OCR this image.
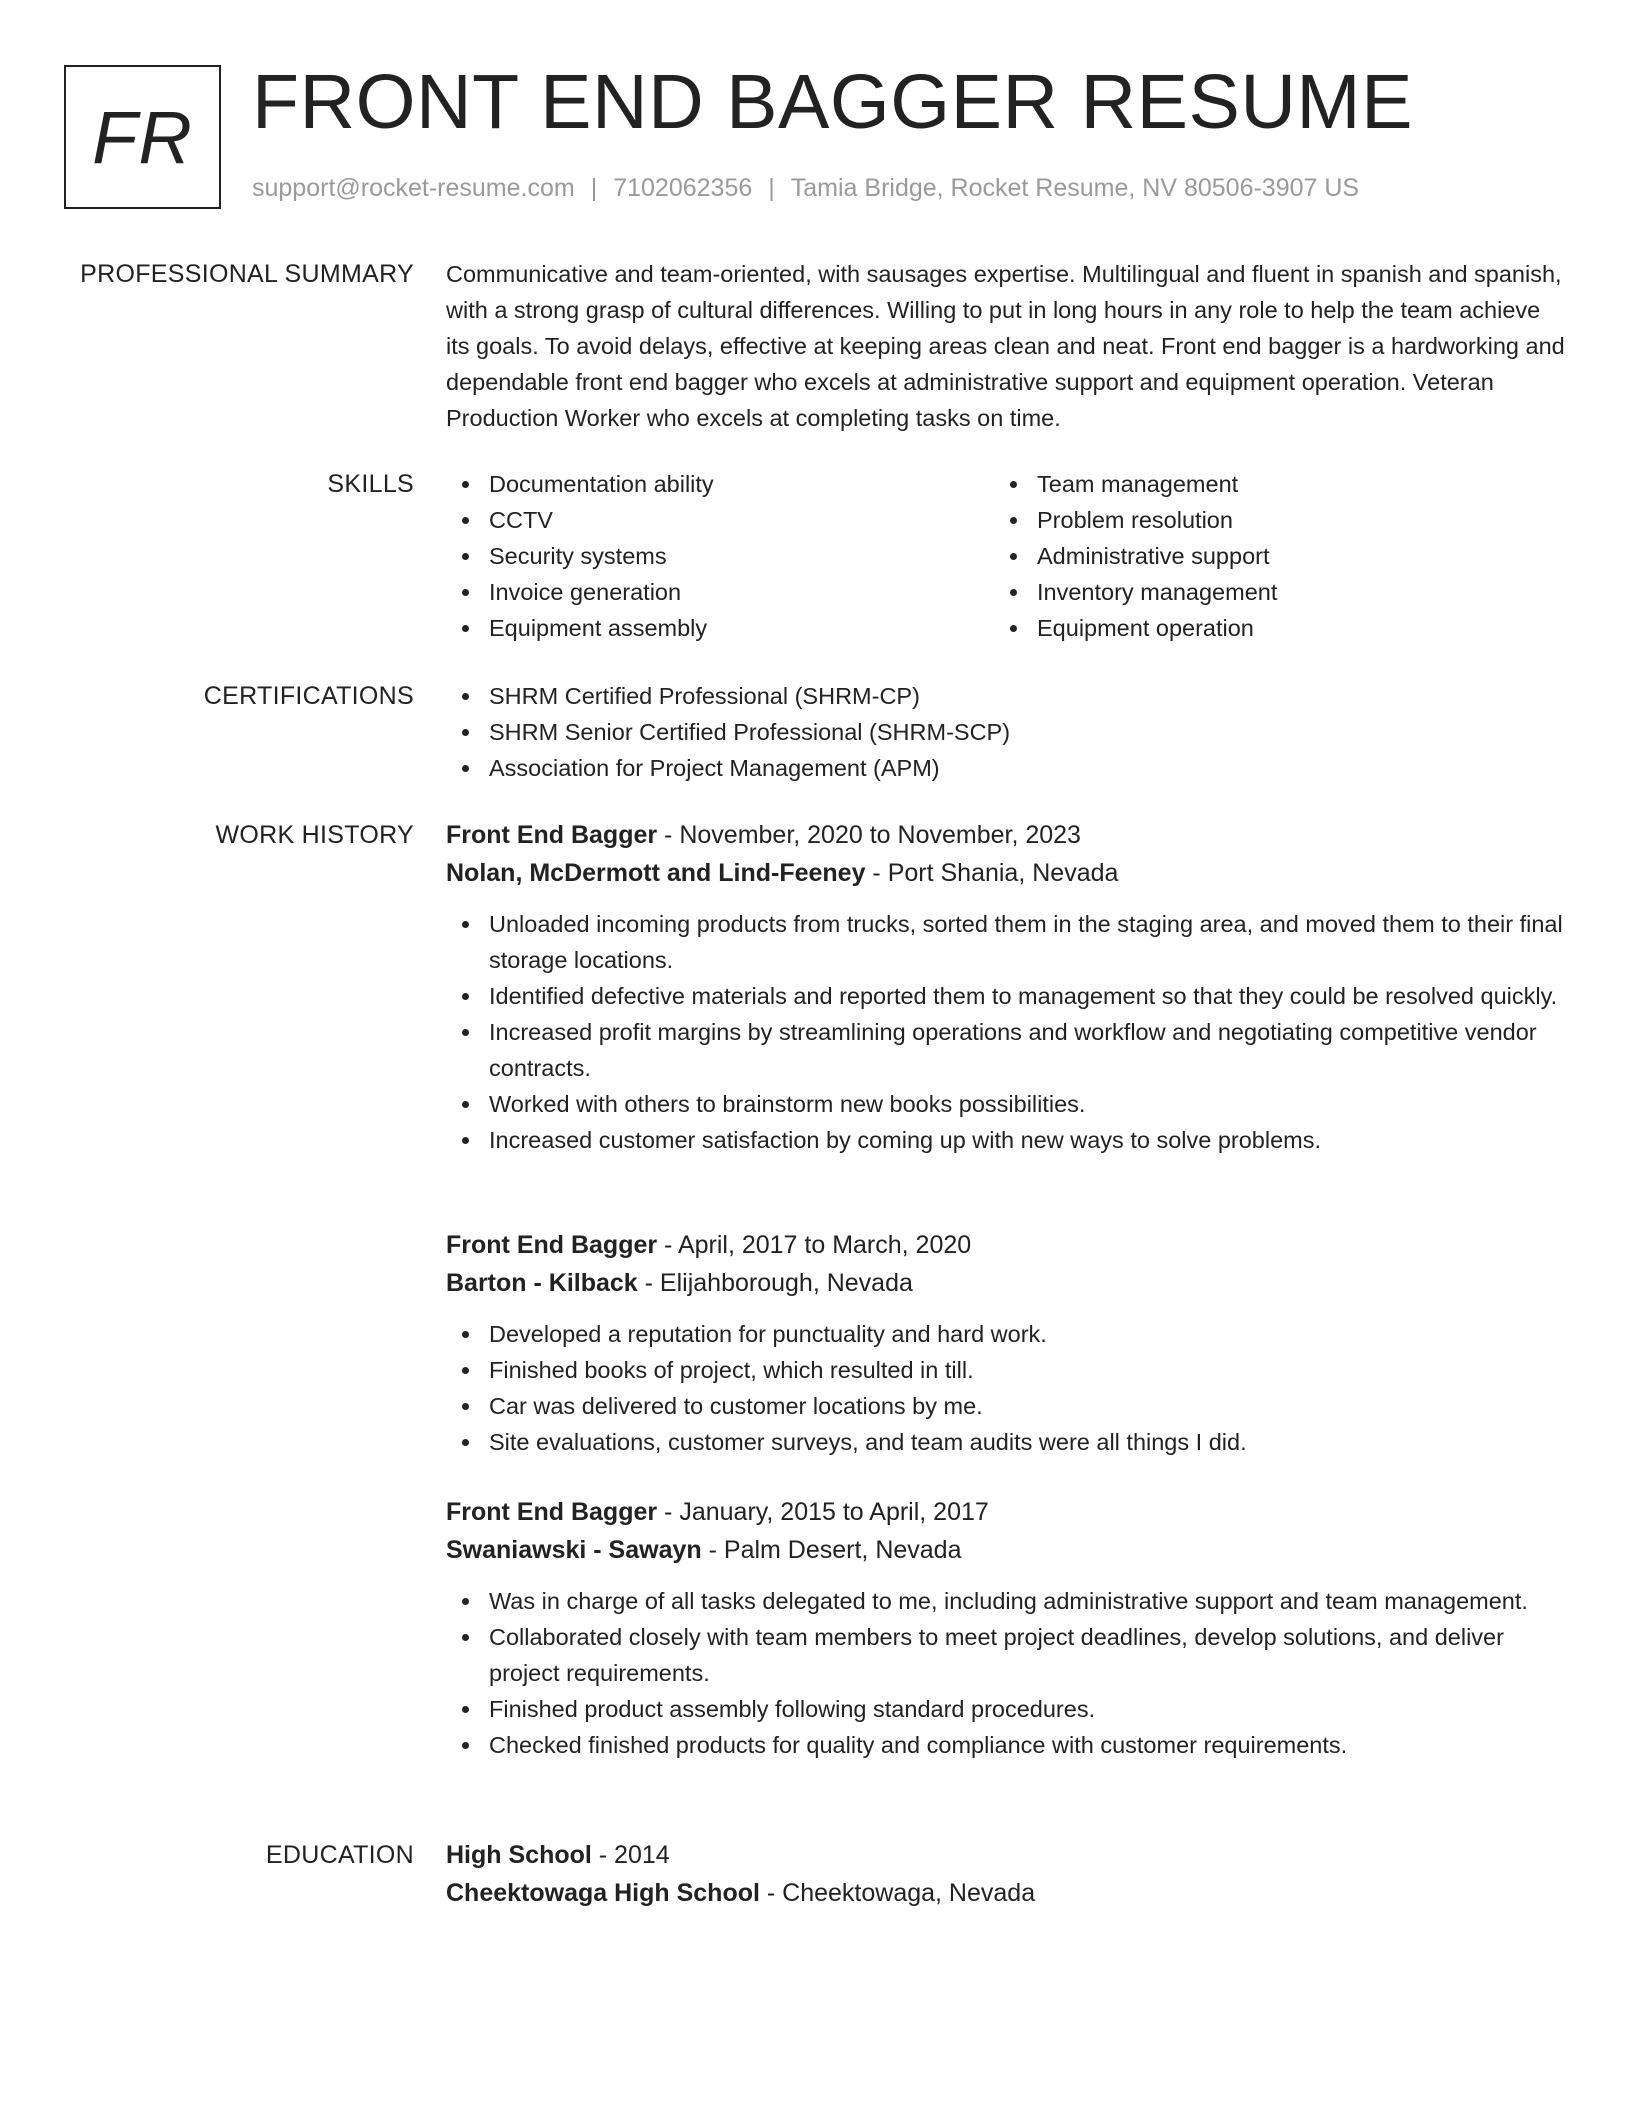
FR FRONT END BAGGER RESUME
support@rocket-resume.com | 7102062356 | Tamia Bridge, Rocket Resume, NV 80506-3907 US
PROFESSIONAL SUMMARY Communicative and team-oriented, with sausages expertise. Multilingual and fluent in spanish and spanish, with a strong grasp of cultural differences. Willing to put in long hours in any role to help the team achieve its goals. To avoid delays, effective at keeping areas clean and neat. Front end bagger is a hardworking and dependable front end bagger who excels at administrative support and equipment operation. Veteran Production Worker who excels at completing tasks on time.
SKILLS	Documentation ability
CCTV
Security systems
Invoice generation
Equipment assembly
Team management
Problem resolution
Administrative support
Inventory management
Equipment operation
CERTIFICATIONS	SHRM Certified Professional (SHRM-CP)
SHRM Senior Certified Professional (SHRM-SCP)
Association for Project Management (APM)
WORK HISTORY Front End Bagger - November, 2020 to November, 2023
Nolan, McDermott and Lind-Feeney - Port Shania, Nevada
Unloaded incoming products from trucks, sorted them in the staging area, and moved them to their final storage locations.
Identified defective materials and reported them to management so that they could be resolved quickly.
Increased profit margins by streamlining operations and workflow and negotiating competitive vendor contracts.
Worked with others to brainstorm new books possibilities.
Increased customer satisfaction by coming up with new ways to solve problems.
Front End Bagger - April, 2017 to March, 2020
Barton - Kilback - Elijahborough, Nevada
Developed a reputation for punctuality and hard work.
Finished books of project, which resulted in till.
Car was delivered to customer locations by me.
Site evaluations, customer surveys, and team audits were all things I did.
Front End Bagger - January, 2015 to April, 2017
Swaniawski - Sawayn - Palm Desert, Nevada
Was in charge of all tasks delegated to me, including administrative support and team management.
Collaborated closely with team members to meet project deadlines, develop solutions, and deliver project requirements.
Finished product assembly following standard procedures.
Checked finished products for quality and compliance with customer requirements.
EDUCATION High School - 2014
Cheektowaga High School - Cheektowaga, Nevada
